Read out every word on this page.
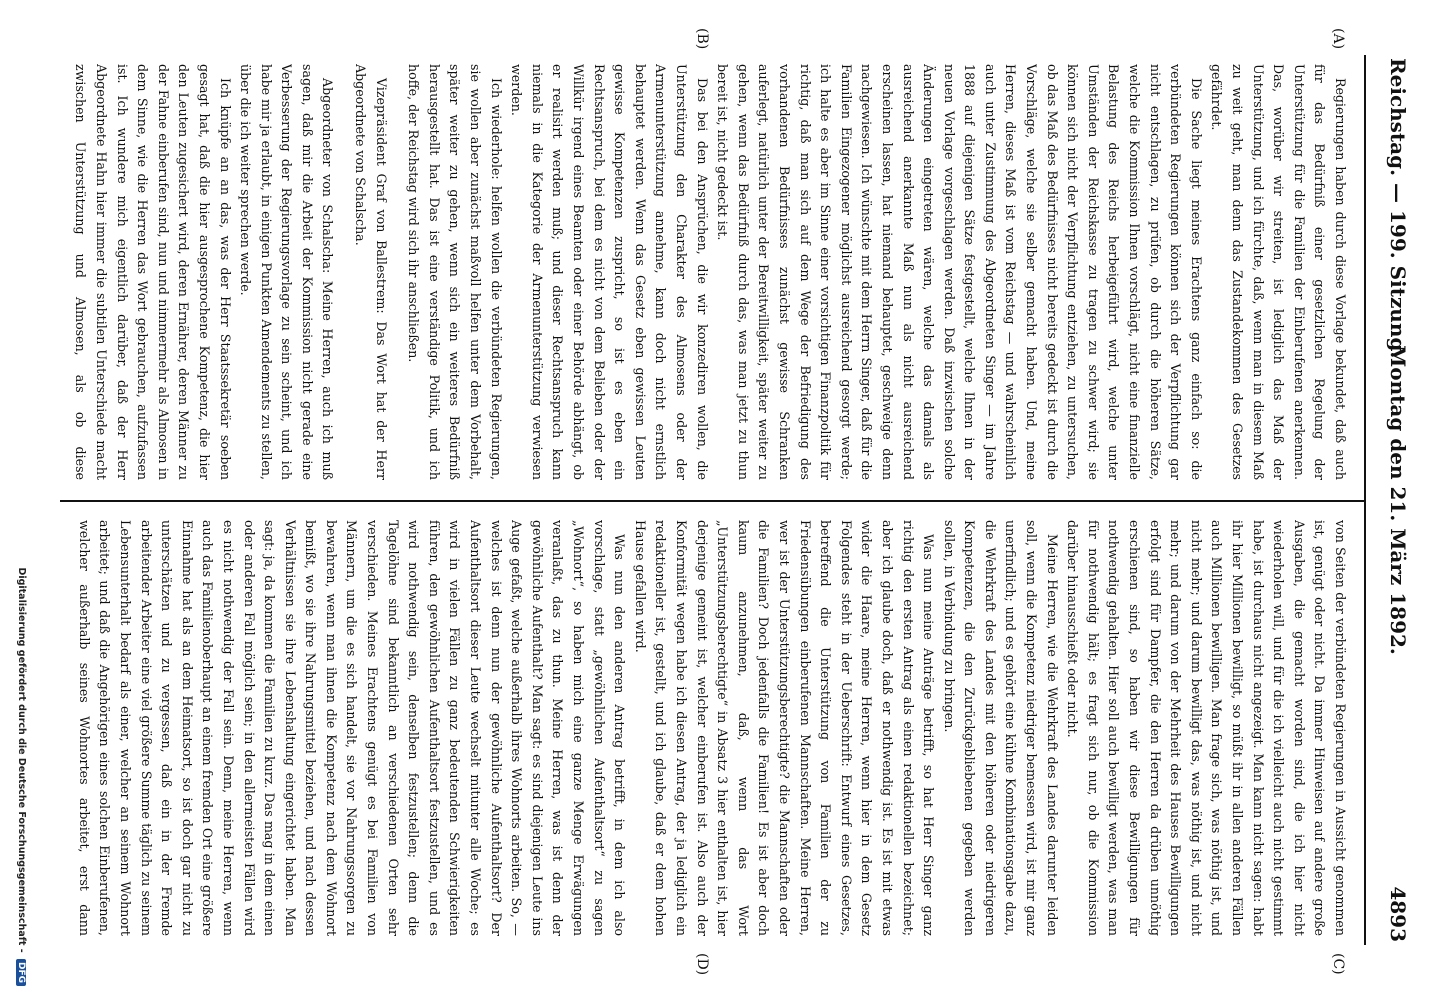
Reichstag. — 199. Sitzung.
Montag den 21. März 1892.
4893
(A)
(B)
(C)
(D)

Regierungen haben durch diese Vorlage bekundet, daß auch für das Bedürfniß einer gesetzlichen Regelung der Unterstützung für die Familien der Einberufenen anerkennen. Das, worüber wir streiten, ist lediglich das Maß der Unterstützung, und ich fürchte, daß, wenn man in diesem Maß zu weit geht, man denn das Zustandekommen des Gesetzes gefährdet.

Die Sache liegt meines Erachtens ganz einfach so: die verbündeten Regierungen können sich der Verpflichtung gar nicht entschlagen, zu prüfen, ob durch die höheren Sätze, welche die Kommission Ihnen vorschlägt, nicht eine finanzielle Belastung des Reichs herbeigeführt wird, welche unter Umständen der Reichskasse zu tragen zu schwer wird; sie können sich nicht der Verpflichtung entziehen, zu untersuchen, ob das Maß des Bedürfnisses nicht bereits gedeckt ist durch die Vorschläge, welche sie selber gemacht haben. Und, meine Herren, dieses Maß ist vom Reichstag — und wahrscheinlich auch unter Zustimmung des Abgeordneten Singer — im Jahre 1888 auf diejenigen Sätze festgestellt, welche Ihnen in der neuen Vorlage vorgeschlagen werden. Daß inzwischen solche Änderungen eingetreten wären, welche das damals als ausreichend anerkannte Maß nun als nicht ausreichend erscheinen lassen, hat niemand behauptet, geschweige denn nachgewiesen. Ich wünschte mit dem Herrn Singer, daß für die Familien Eingezogener möglichst ausreichend gesorgt werde; ich halte es aber im Sinne einer vorsichtigen Finanzpolitik für richtig, daß man sich auf dem Wege der Befriedigung des vorhandenen Bedürfnisses zunächst gewisse Schranken auferlegt, natürlich unter der Bereitwilligkeit, später weiter zu gehen, wenn das Bedürfniß durch das, was man jetzt zu thun bereit ist, nicht gedeckt ist.

Das bei den Ansprüchen, die wir konzediren wollen, die Unterstützung den Charakter des Almosens oder der Armenunterstützung annehme, kann doch nicht ernstlich behauptet werden. Wenn das Gesetz eben gewissen Leuten gewisse Kompetenzen zuspricht, so ist es eben ein Rechtsanspruch, bei dem es nicht von dem Belieben oder der Willkür irgend eines Beamten oder einer Behörde abhängt, ob er realisirt werden muß; und dieser Rechtsanspruch kann niemals in die Kategorie der Armenunterstützung verwiesen werden.

Ich wiederhole: helfen wollen die verbündeten Regierungen, sie wollen aber zunächst maßvoll helfen unter dem Vorbehalt, später weiter zu gehen, wenn sich ein weiteres Bedürfniß herausgestellt hat. Das ist eine verständige Politik, und ich hoffe, der Reichstag wird sich ihr anschließen.

Vizepräsident Graf von Ballestrem: Das Wort hat der Herr Abgeordnete von Schalscha.

Abgeordneter von Schalscha: Meine Herren, auch ich muß sagen, daß mir die Arbeit der Kommission nicht gerade eine Verbesserung der Regierungsvorlage zu sein scheint, und ich habe mir ja erlaubt, in einigen Punkten Amendements zu stellen, über die ich weiter sprechen werde.

Ich knüpfe an an das, was der Herr Staatssekretär soeben gesagt hat, daß die hier ausgesprochene Kompetenz, die hier den Leuten zugesichert wird, deren Ernährer, deren Männer zu der Fahne einberufen sind, nun und nimmermehr als Almosen in dem Sinne, wie die Herren das Wort gebrauchen, aufzufassen ist. Ich wundere mich eigentlich darüber, daß der Herr Abgeordnete Hahn hier immer die subtilen Unterschiede macht zwischen Unterstützung und Almosen, als ob diese

von Seiten der verbündeten Regierungen in Aussicht genommen ist, genügt oder nicht. Da immer Hinweisen auf andere große Ausgaben, die gemacht worden sind, die ich hier nicht wiederholen will, und für die ich vielleicht auch nicht gestimmt habe, ist durchaus nicht angezeigt. Man kann nicht sagen: habt ihr hier Millionen bewilligt, so müßt ihr in allen anderen Fällen auch Millionen bewilligen. Man frage sich, was nöthig ist, und nicht mehr; und darum bewilligt das, was nöthig ist, und nicht mehr; und darum von der Mehrheit des Hauses Bewilligungen erfolgt sind für Dampfer, die den Herren da drüben unnöthig erschienen sind, so haben wir diese Bewilligungen für nothwendig gehalten. Hier soll auch bewilligt werden, was man für nothwendig hält; es fragt sich nur, ob die Kommission darüber hinausschießt oder nicht.

Meine Herren, wie die Wehrkraft des Landes darunter leiden soll, wenn die Kompetenz niedriger bemessen wird, ist mir ganz unerfindlich; und es gehört eine kühne Kombinationsgabe dazu, die Wehrkraft des Landes mit den höheren oder niedrigeren Kompetenzen, die den Zurückgebliebenen gegeben werden sollen, in Verbindung zu bringen.

Was nun meine Anträge betrifft, so hat Herr Singer ganz richtig den ersten Antrag als einen redaktionellen bezeichnet; aber ich glaube doch, daß er nothwendig ist. Es ist mit etwas wider die Haare, meine Herren, wenn hier in dem Gesetz Folgendes steht in der Ueberschrift: Entwurf eines Gesetzes, betreffend die Unterstützung von Familien der zu Friedensübungen einberufenen Mannschaften. Meine Herren, wer ist der Unterstützungsberechtigte? die Mannschaften oder die Familien? Doch jedenfalls die Familien! Es ist aber doch kaum anzunehmen, daß, wenn das Wort „Unterstützungsberechtigte“ in Absatz 3 hier enthalten ist, hier derjenige gemeint ist, welcher einberufen ist. Also auch der Konformität wegen habe ich diesen Antrag, der ja lediglich ein redaktioneller ist, gestellt, und ich glaube, daß er dem hohen Hause gefallen wird.

Was nun den anderen Antrag betrifft, in dem ich also vorschlage, statt „gewöhnlichen Aufenthaltsort“ zu sagen „Wohnort“, so haben mich eine ganze Menge Erwägungen veranlaßt, das zu thun. Meine Herren, was ist denn der gewöhnliche Aufenthalt? Man sagt: es sind diejenigen Leute ins Auge gefaßt, welche außerhalb ihres Wohnorts arbeiten. So, — welches ist denn nun der gewöhnliche Aufenthaltsort? Der Aufenthaltsort dieser Leute wechselt mitunter alle Woche; es wird in vielen Fällen zu ganz bedeutenden Schwierigkeiten führen, den gewöhnlichen Aufenthaltsort festzustellen, und es wird nothwendig sein, denselben festzustellen; denn die Tagelöhne sind bekanntlich an verschiedenen Orten sehr verschieden. Meines Erachtens genügt es bei Familien von Männern, um die es sich handelt, sie vor Nahrungssorgen zu bewahren, wenn man ihnen die Kompetenz nach dem Wohnort bemißt, wo sie ihre Nahrungsmittel beziehen, und nach dessen Verhältnissen sie ihre Lebenshaltung eingerichtet haben. Man sagt: ja, da kommen die Familien zu kurz. Das mag in dem einen oder anderen Fall möglich sein; in den allermeisten Fällen wird es nicht nothwendig der Fall sein. Denn, meine Herren, wenn auch das Familienoberhaupt an einem fremden Ort eine größere Einnahme hat als an dem Heimatsort, so ist doch gar nicht zu unterschätzen und zu vergessen, daß ein in der Fremde arbeitender Arbeiter eine viel größere Summe täglich zu seinem Lebensunterhalt bedarf als einer, welcher an seinem Wohnort arbeitet; und daß die Angehörigen eines solchen Einberufenen, welcher außerhalb seines Wohnortes arbeitet, erst dann

Digitalisierung gefördert durch die Deutsche Forschungsgemeinschaft - DFG
